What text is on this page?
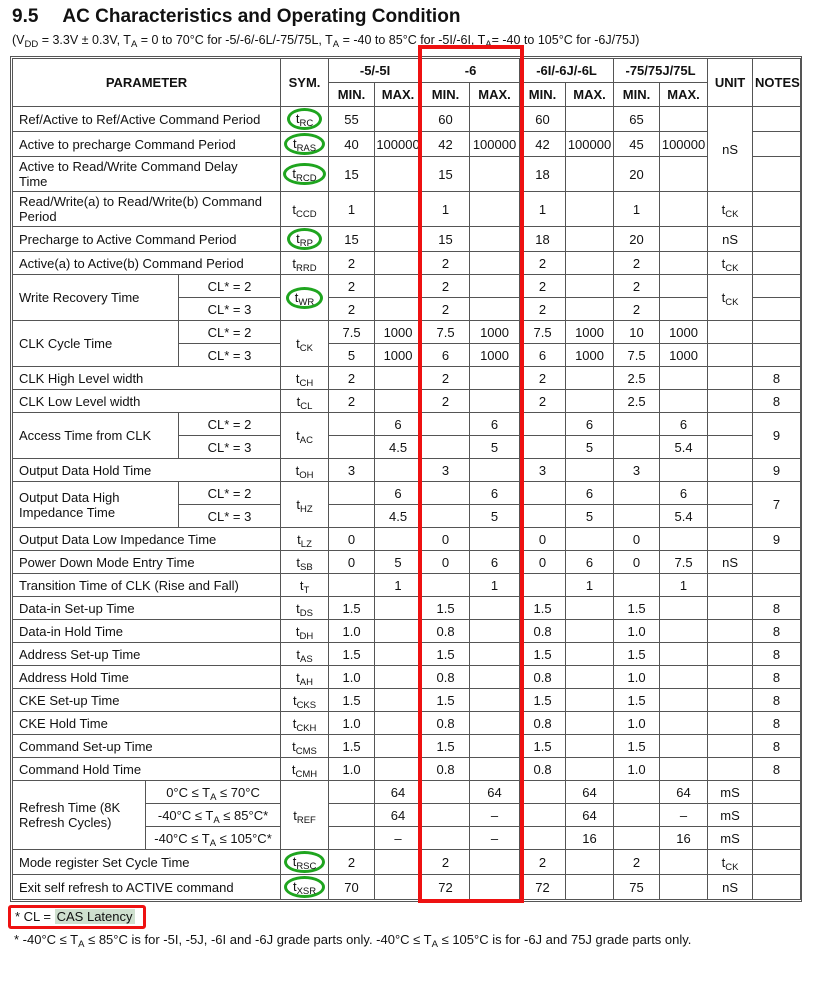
9.5 AC Characteristics and Operating Condition

($V_{DD} = 3.3V \pm 0.3V$, $T_A = 0$ to 70°C for -5/-6/-6L/-75/75L, $T_A = -40$ to 85°C for -5I/-6I, $T_A= -40$ to 105°C for -6J/75J)

PARAMETER			SYM.	-5/-5I		-6		-6I/-6J/-6L		-75/75J/75L		UNIT	NOTES
				MIN.	MAX.	MIN.	MAX.	MIN.	MAX.	MIN.	MAX.		
Ref/Active to Ref/Active Command Period			$t_{RC}$	55		60		60		65		nS	
Active to precharge Command Period			$t_{RAS}$	40	100000	42	100000	42	100000	45	100000		
Active to Read/Write Command Delay Time			$t_{RCD}$	15		15		18		20			
Read/Write(a) to Read/Write(b) Command Period			$t_{CCD}$	1		1		1		1		$t_{CK}$	
Precharge to Active Command Period			$t_{RP}$	15		15		18		20		nS	
Active(a) to Active(b) Command Period			$t_{RRD}$	2		2		2		2		$t_{CK}$	
Write Recovery Time		CL* = 2	$t_{WR}$	2		2		2		2		$t_{CK}$	
		CL* = 3		2		2		2		2			
CLK Cycle Time		CL* = 2	$t_{CK}$	7.5	1000	7.5	1000	7.5	1000	10	1000		
		CL* = 3		5	1000	6	1000	6	1000	7.5	1000		
CLK High Level width			$t_{CH}$	2		2		2		2.5			8
CLK Low Level width			$t_{CL}$	2		2		2		2.5			8
Access Time from CLK		CL* = 2	$t_{AC}$		6		6		6		6		9
		CL* = 3			4.5		5		5		5.4		
Output Data Hold Time			$t_{OH}$	3		3		3		3			9
Output Data High Impedance Time		CL* = 2	$t_{HZ}$		6		6		6		6		7
		CL* = 3			4.5		5		5		5.4		
Output Data Low Impedance Time			$t_{LZ}$	0		0		0		0			9
Power Down Mode Entry Time			$t_{SB}$	0	5	0	6	0	6	0	7.5	nS	
Transition Time of CLK (Rise and Fall)			$t_T$		1		1		1		1		
Data-in Set-up Time			$t_{DS}$	1.5		1.5		1.5		1.5			8
Data-in Hold Time			$t_{DH}$	1.0		0.8		0.8		1.0			8
Address Set-up Time			$t_{AS}$	1.5		1.5		1.5		1.5			8
Address Hold Time			$t_{AH}$	1.0		0.8		0.8		1.0			8
CKE Set-up Time			$t_{CKS}$	1.5		1.5		1.5		1.5			8
CKE Hold Time			$t_{CKH}$	1.0		0.8		0.8		1.0			8
Command Set-up Time			$t_{CMS}$	1.5		1.5		1.5		1.5			8
Command Hold Time			$t_{CMH}$	1.0		0.8		0.8		1.0			8
Refresh Time (8K Refresh Cycles)	$0^\circ C \le T_A \le 70^\circ C$		$t_{REF}$		64		64		64		64	mS	
	$-40^\circ C \le T_A \le 85^\circ C*$				64		–		64		–	mS	
	$-40^\circ C \le T_A \le 105^\circ C*$				–		–		16		16	mS	
Mode register Set Cycle Time			$t_{RSC}$	2		2		2		2		$t_{CK}$	
Exit self refresh to ACTIVE command			$t_{XSR}$	70		72		72		75		nS	
* CL = CAS Latency
* $-40^\circ C \le T_A \le 85^\circ C$ is for -5I, -5J, -6I and -6J grade parts only. $-40^\circ C \le T_A \le 105^\circ C$ is for -6J and 75J grade parts only.
